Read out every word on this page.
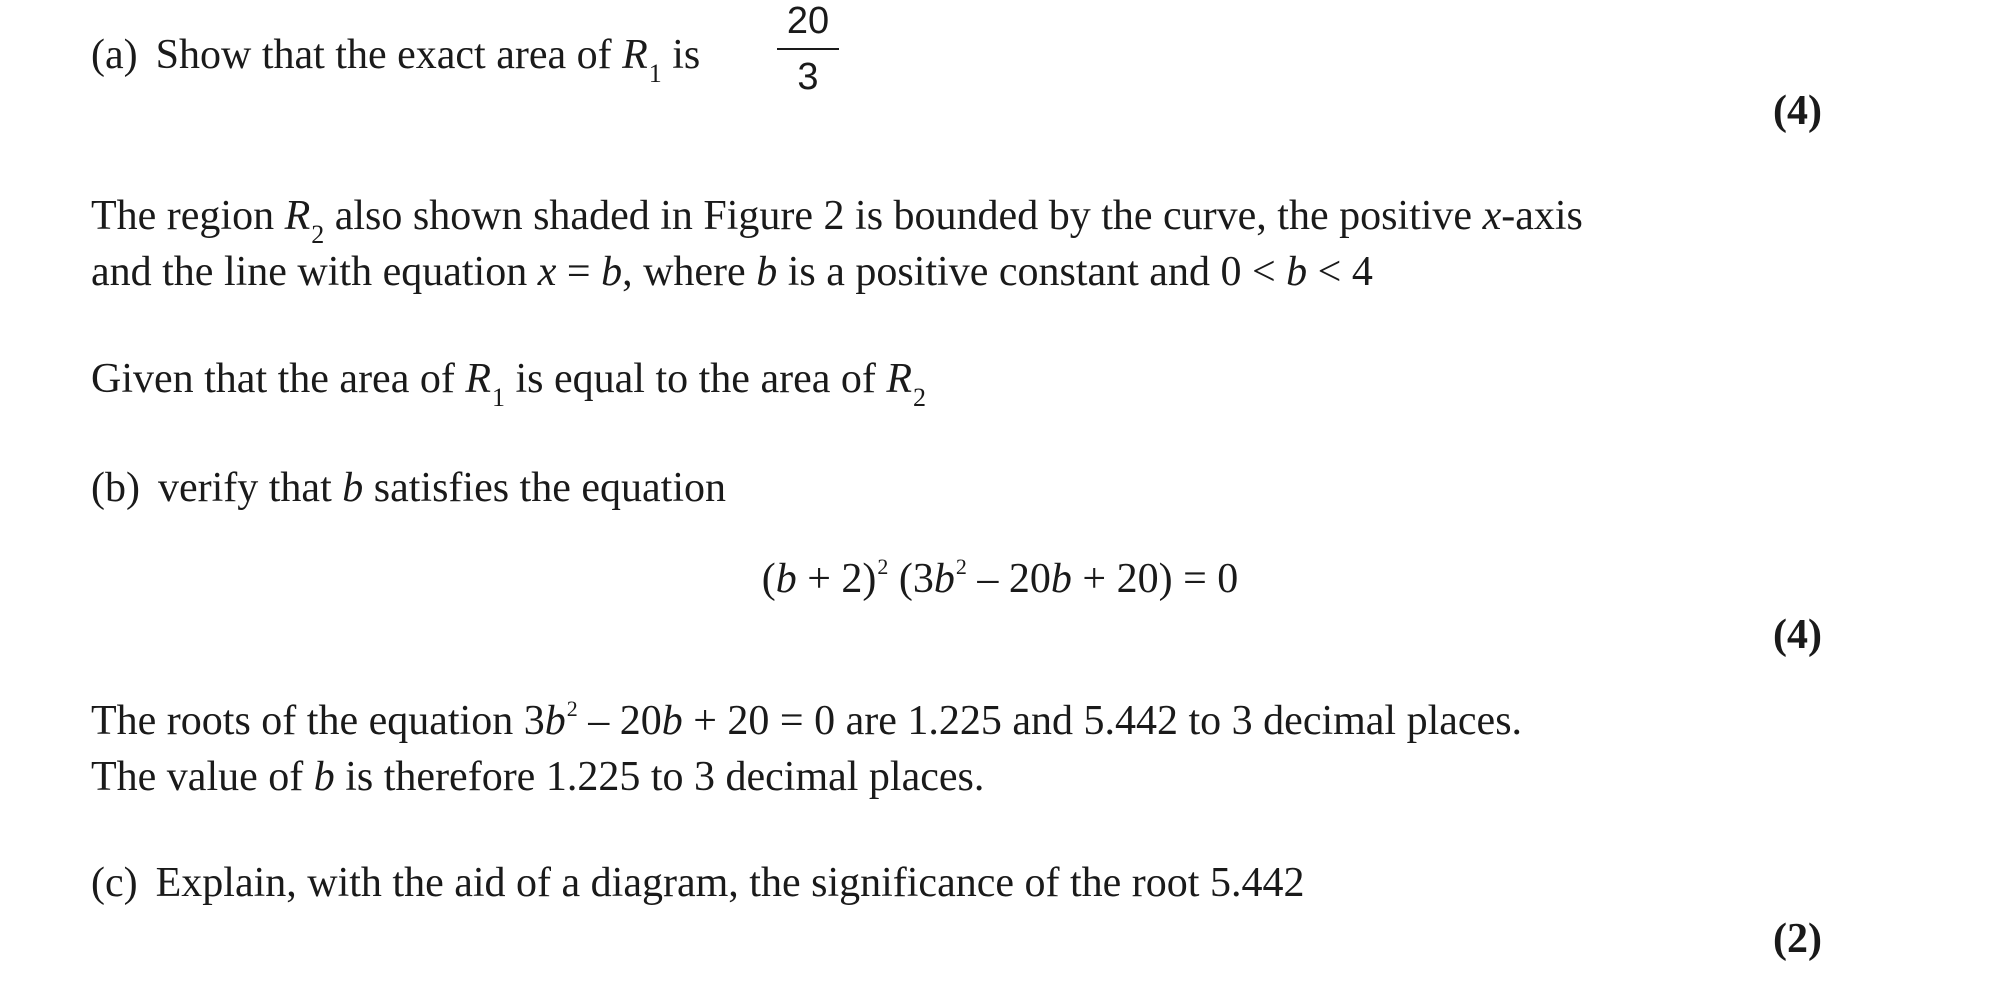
(a) Show that the exact area of $R_1$ is
20
3
(4)
The region $R_2$ also shown shaded in Figure 2 is bounded by the curve, the positive x-axis
and the line with equation x = b, where b is a positive constant and 0 < b < 4
Given that the area of $R_1$ is equal to the area of $R_2$
(b) verify that b satisfies the equation
$(b + 2)^2$ $(3b^2 - 20b + 20) = 0$
(4)
The roots of the equation $3b^2 - 20b + 20 = 0$ are 1.225 and 5.442 to 3 decimal places.
The value of b is therefore 1.225 to 3 decimal places.
(c) Explain, with the aid of a diagram, the significance of the root 5.442
(2)
